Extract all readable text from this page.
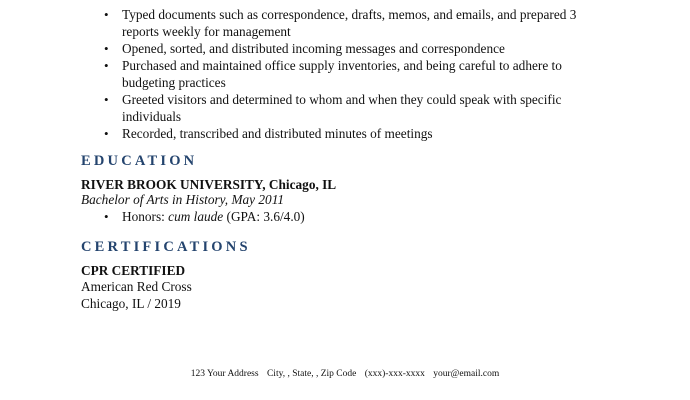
• Typed documents such as correspondence, drafts, memos, and emails, and prepared 3 reports weekly for management
• Opened, sorted, and distributed incoming messages and correspondence
• Purchased and maintained office supply inventories, and being careful to adhere to budgeting practices
• Greeted visitors and determined to whom and when they could speak with specific individuals
• Recorded, transcribed and distributed minutes of meetings
EDUCATION
RIVER BROOK UNIVERSITY, Chicago, IL
Bachelor of Arts in History, May 2011
• Honors: cum laude (GPA: 3.6/4.0)
CERTIFICATIONS
CPR CERTIFIED
American Red Cross
Chicago, IL / 2019
123 Your Address City, , State, , Zip Code (xxx)-xxx-xxxx your@email.com
